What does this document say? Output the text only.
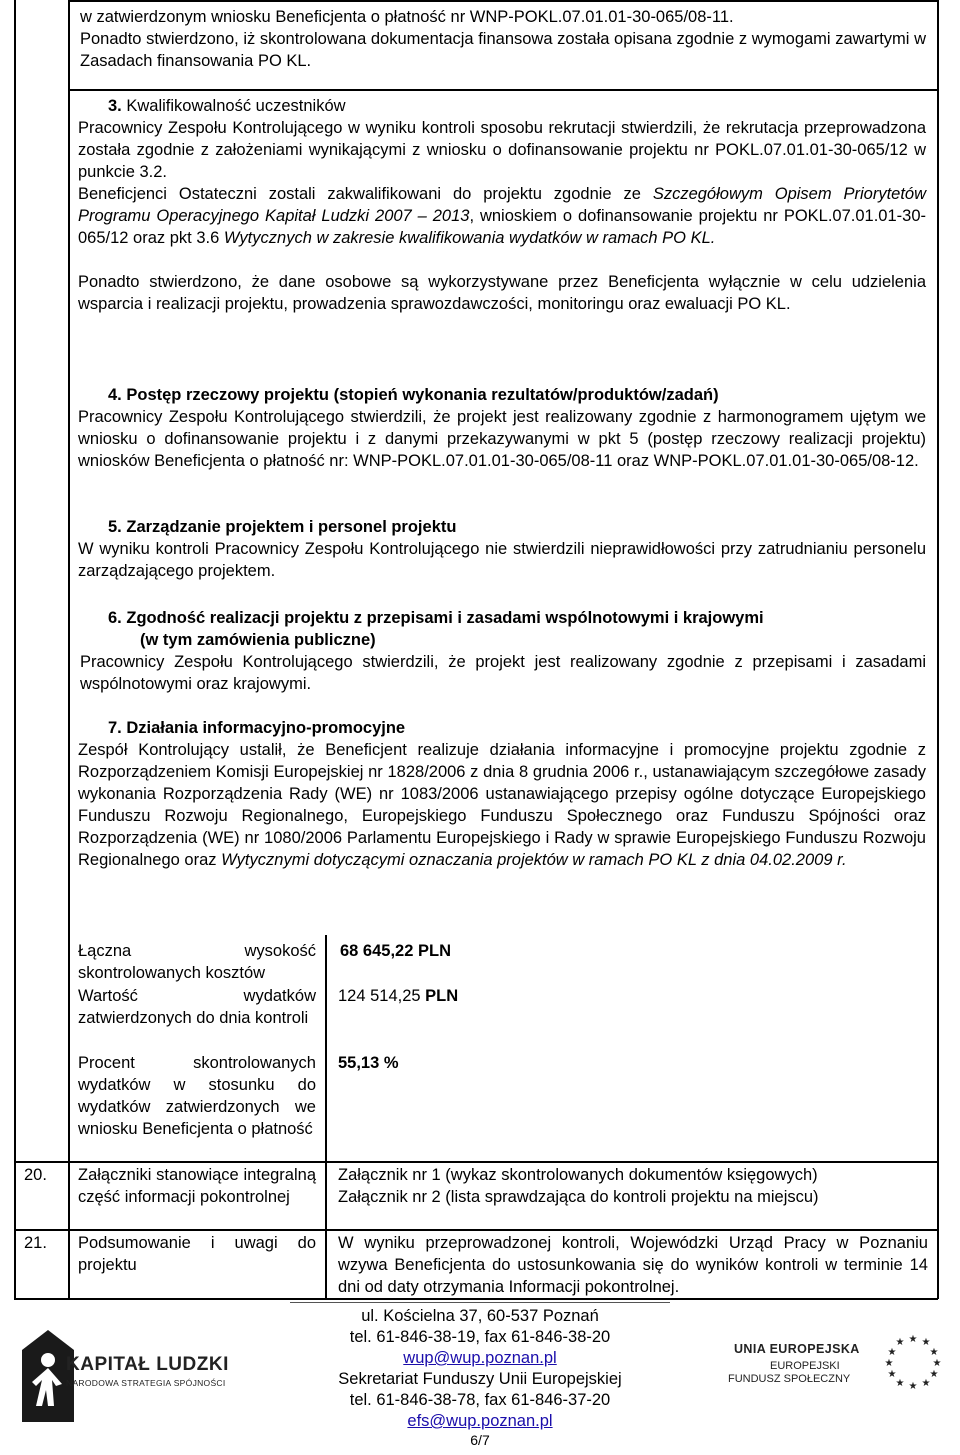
w zatwierdzonym wniosku Beneficjenta o płatność nr WNP-POKL.07.01.01-30-065/08-11.

Ponadto stwierdzono, iż skontrolowana dokumentacja finansowa została opisana zgodnie z wymogami zawartymi w Zasadach finansowania PO KL.

3. Kwalifikowalność uczestników

Pracownicy Zespołu Kontrolującego w wyniku kontroli sposobu rekrutacji stwierdzili, że rekrutacja przeprowadzona została zgodnie z założeniami wynikającymi z wniosku o dofinansowanie projektu nr POKL.07.01.01-30-065/12 w punkcie 3.2.

Beneficjenci Ostateczni zostali zakwalifikowani do projektu zgodnie ze Szczegółowym Opisem Priorytetów Programu Operacyjnego Kapitał Ludzki 2007 – 2013, wnioskiem o dofinansowanie projektu nr POKL.07.01.01-30-065/12 oraz pkt 3.6 Wytycznych w zakresie kwalifikowania wydatków w ramach PO KL.

Ponadto stwierdzono, że dane osobowe są wykorzystywane przez Beneficjenta wyłącznie w celu udzielenia wsparcia i realizacji projektu, prowadzenia sprawozdawczości, monitoringu oraz ewaluacji PO KL.

4. Postęp rzeczowy projektu (stopień wykonania rezultatów/produktów/zadań)

Pracownicy Zespołu Kontrolującego stwierdzili, że projekt jest realizowany zgodnie z harmonogramem ujętym we wniosku o dofinansowanie projektu i z danymi przekazywanymi w pkt 5 (postęp rzeczowy realizacji projektu) wniosków Beneficjenta o płatność nr: WNP-POKL.07.01.01-30-065/08-11 oraz WNP-POKL.07.01.01-30-065/08-12.

5. Zarządzanie projektem i personel projektu

W wyniku kontroli Pracownicy Zespołu Kontrolującego nie stwierdzili nieprawidłowości przy zatrudnianiu personelu zarządzającego projektem.

6. Zgodność realizacji projektu z przepisami i zasadami wspólnotowymi i krajowymi

(w tym zamówienia publiczne)

Pracownicy Zespołu Kontrolującego stwierdzili, że projekt jest realizowany zgodnie z przepisami i zasadami wspólnotowymi oraz krajowymi.

7. Działania informacyjno-promocyjne

Zespół Kontrolujący ustalił, że Beneficjent realizuje działania informacyjne i promocyjne projektu zgodnie z Rozporządzeniem Komisji Europejskiej nr 1828/2006 z dnia 8 grudnia 2006 r., ustanawiającym szczegółowe zasady wykonania Rozporządzenia Rady (WE) nr 1083/2006 ustanawiającego przepisy ogólne dotyczące Europejskiego Funduszu Rozwoju Regionalnego, Europejskiego Funduszu Społecznego oraz Funduszu Spójności oraz Rozporządzenia (WE) nr 1080/2006 Parlamentu Europejskiego i Rady w sprawie Europejskiego Funduszu Rozwoju Regionalnego oraz Wytycznymi dotyczącymi oznaczania projektów w ramach PO KL z dnia 04.02.2009 r.

Łączna wysokość skontrolowanych kosztów
68 645,22 PLN
Wartość wydatków zatwierdzonych do dnia kontroli
124 514,25 PLN
Procent skontrolowanych wydatków w stosunku do wydatków zatwierdzonych we wniosku Beneficjenta o płatność
55,13 %
20. Załączniki stanowiące integralną część informacji pokontrolnej

Załącznik nr 1 (wykaz skontrolowanych dokumentów księgowych)

Załącznik nr 2 (lista sprawdzająca do kontroli projektu na miejscu)

21. Podsumowanie i uwagi do projektu
W wyniku przeprowadzonej kontroli, Wojewódzki Urząd Pracy w Poznaniu wzywa Beneficjenta do ustosunkowania się do wyników kontroli w terminie 14 dni od daty otrzymania Informacji pokontrolnej.
ul. Kościelna 37, 60-537 Poznań
tel. 61-846-38-19, fax 61-846-38-20
wup@wup.poznan.pl
Sekretariat Funduszy Unii Europejskiej
tel. 61-846-38-78, fax 61-846-37-20
efs@wup.poznan.pl
6/7
KAPITAŁ LUDZKI
NARODOWA STRATEGIA SPÓJNOŚCI
UNIA EUROPEJSKA
EUROPEJSKI
FUNDUSZ SPOŁECZNY
★ ★
★
★
★
★
★
★
★
★
★
★
